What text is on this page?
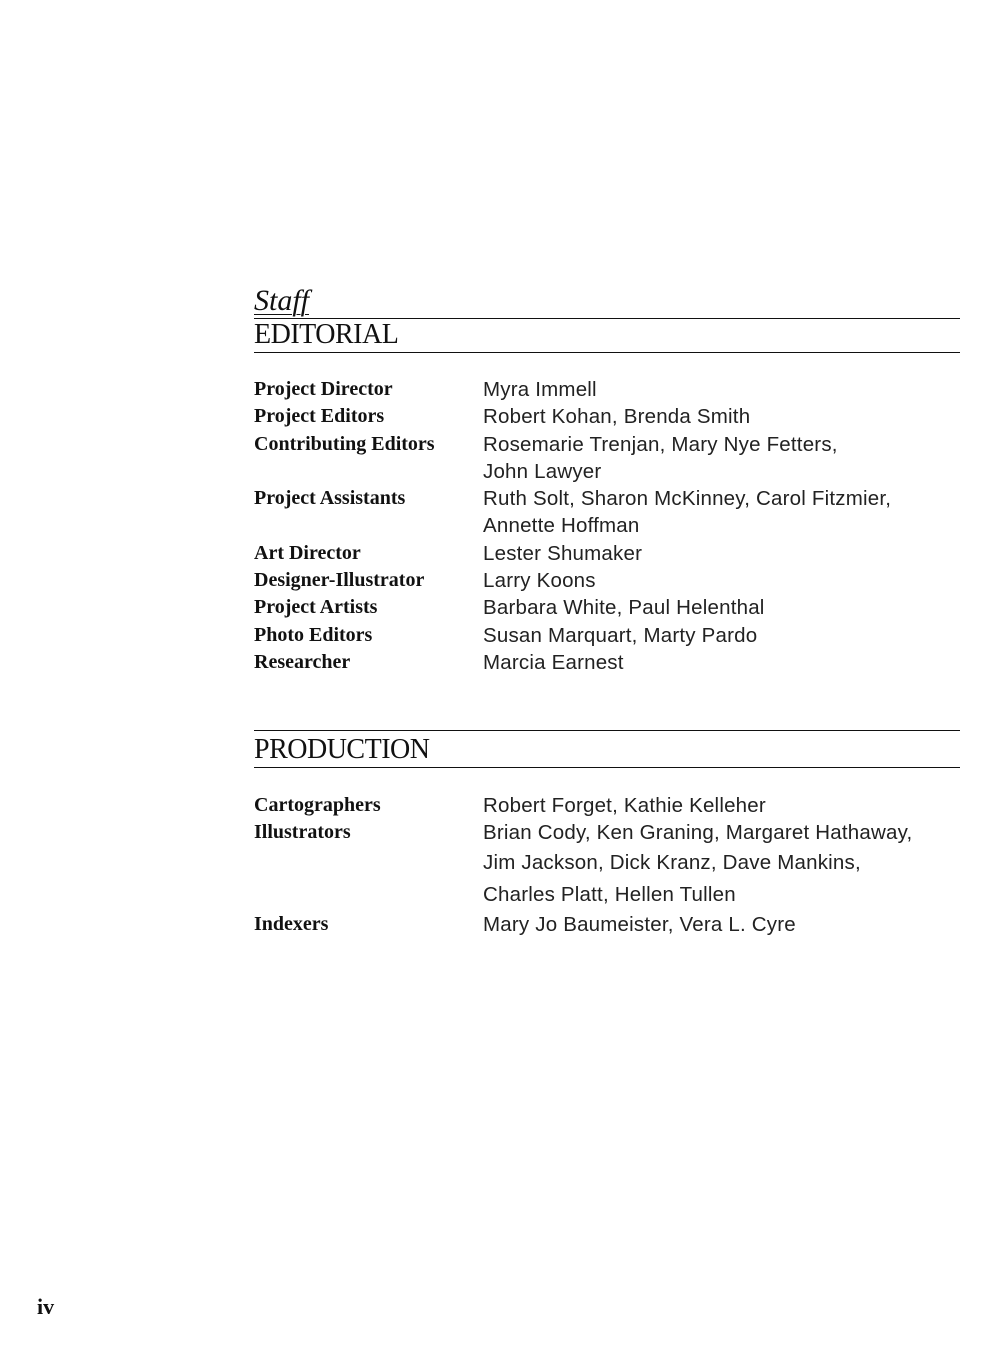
Staff
EDITORIAL
Project Director	Myra Immell
Project Editors	Robert Kohan, Brenda Smith
Contributing Editors	Rosemarie Trenjan, Mary Nye Fetters,
John Lawyer
Project Assistants	Ruth Solt, Sharon McKinney, Carol Fitzmier,
Annette Hoffman
Art Director	Lester Shumaker
Designer-Illustrator	Larry Koons
Project Artists	Barbara White, Paul Helenthal
Photo Editors	Susan Marquart, Marty Pardo
Researcher	Marcia Earnest
PRODUCTION
Cartographers	Robert Forget, Kathie Kelleher
Illustrators	Brian Cody, Ken Graning, Margaret Hathaway,
Jim Jackson, Dick Kranz, Dave Mankins,
Charles Platt, Hellen Tullen
Indexers	Mary Jo Baumeister, Vera L. Cyre
iv
